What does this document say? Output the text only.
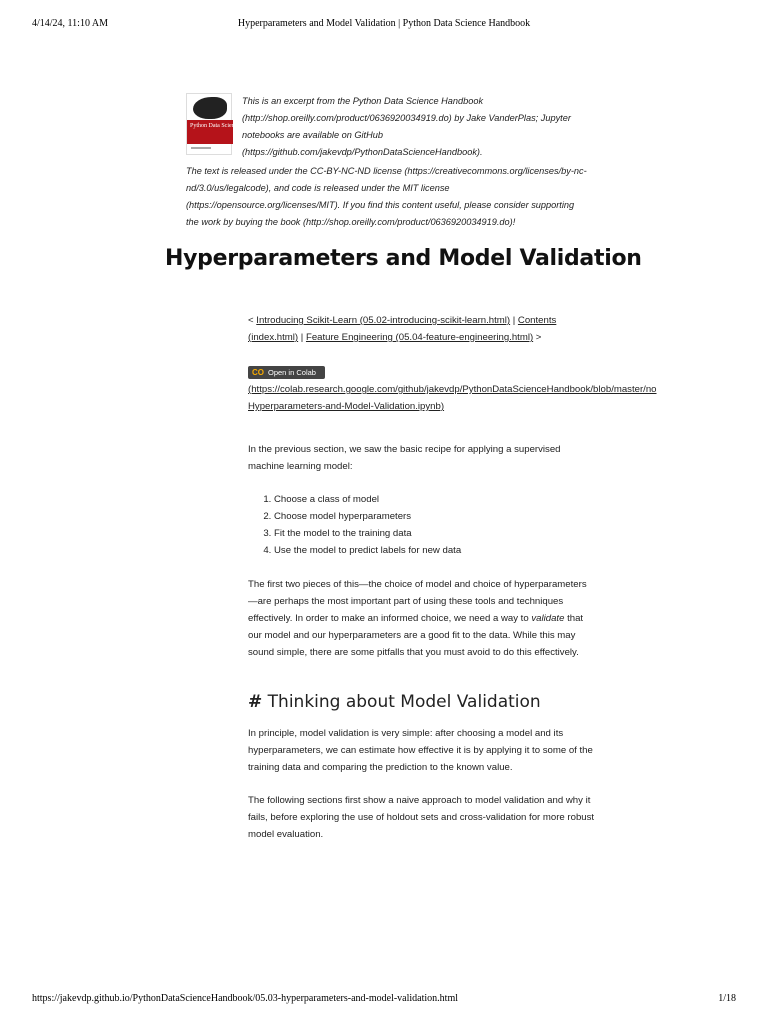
4/14/24, 11:10 AM	Hyperparameters and Model Validation | Python Data Science Handbook
Python Data Science Handbook
This is an excerpt from the Python Data Science Handbook
(http://shop.oreilly.com/product/0636920034919.do) by Jake VanderPlas; Jupyter
notebooks are available on GitHub
(https://github.com/jakevdp/PythonDataScienceHandbook).
The text is released under the CC-BY-NC-ND license (https://creativecommons.org/licenses/by-nc-
nd/3.0/us/legalcode), and code is released under the MIT license
(https://opensource.org/licenses/MIT). If you find this content useful, please consider supporting
the work by buying the book (http://shop.oreilly.com/product/0636920034919.do)!
Hyperparameters and Model Validation
< Introducing Scikit-Learn (05.02-introducing-scikit-learn.html) | Contents
(index.html) | Feature Engineering (05.04-feature-engineering.html) >
CO Open in Colab

(https://colab.research.google.com/github/jakevdp/PythonDataScienceHandbook/blob/master/no
Hyperparameters-and-Model-Validation.ipynb)

In the previous section, we saw the basic recipe for applying a supervised machine learning model:

1. Choose a class of model
2. Choose model hyperparameters
3. Fit the model to the training data
4. Use the model to predict labels for new data

The first two pieces of this—the choice of model and choice of hyperparameters —are perhaps the most important part of using these tools and techniques effectively. In order to make an informed choice, we need a way to validate that our model and our hyperparameters are a good fit to the data. While this may sound simple, there are some pitfalls that you must avoid to do this effectively.

# Thinking about Model Validation

In principle, model validation is very simple: after choosing a model and its hyperparameters, we can estimate how effective it is by applying it to some of the training data and comparing the prediction to the known value.

The following sections first show a naive approach to model validation and why it fails, before exploring the use of holdout sets and cross-validation for more robust model evaluation.

https://jakevdp.github.io/PythonDataScienceHandbook/05.03-hyperparameters-and-model-validation.html	1/18
